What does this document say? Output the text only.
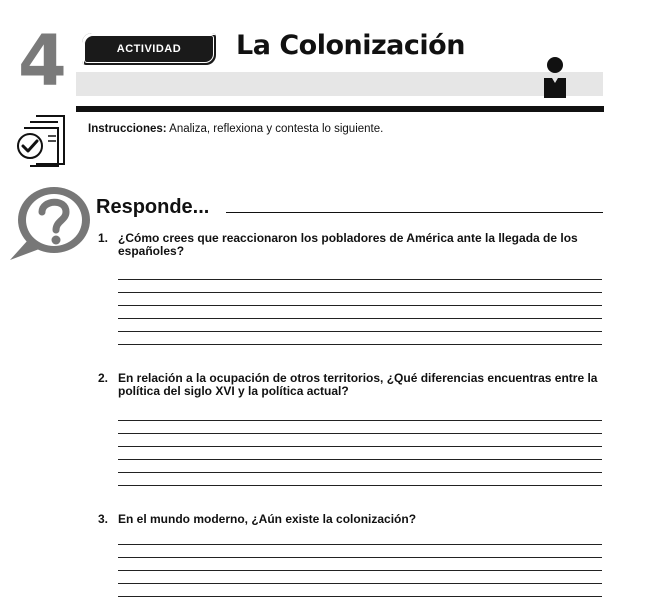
4	ACTIVIDAD	La Colonización
Instrucciones: Analiza, reflexiona y contesta lo siguiente.
Responde...
1. ¿Cómo crees que reaccionaron los pobladores de América ante la llegada de los españoles?
2. En relación a la ocupación de otros territorios, ¿Qué diferencias encuentras entre la política del siglo XVI y la política actual?
3. En el mundo moderno, ¿Aún existe la colonización?
